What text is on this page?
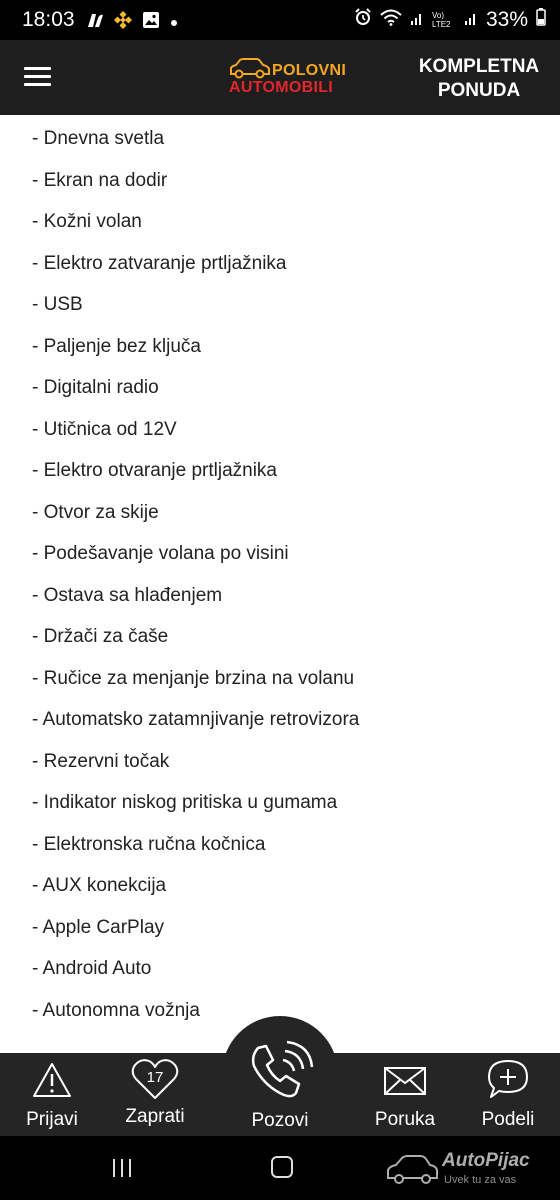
18:03	Vo) LTE2 33%
POLOVNI
AUTOMOBILI
KOMPLETNA
PONUDA
- Dnevna svetla
- Ekran na dodir
- Kožni volan
- Elektro zatvaranje prtljažnika
- USB
- Paljenje bez ključa
- Digitalni radio
- Utičnica od 12V
- Elektro otvaranje prtljažnika
- Otvor za skije
- Podešavanje volana po visini
- Ostava sa hlađenjem
- Držači za čaše
- Ručice za menjanje brzina na volanu
- Automatsko zatamnjivanje retrovizora
- Rezervni točak
- Indikator niskog pritiska u gumama
- Elektronska ručna kočnica
- AUX konekcija
- Apple CarPlay
- Android Auto
- Autonomna vožnja
Prijavi
17
Zaprati	Poruka	Podeli
Pozovi
AutoPijac
Uvek tu za vas
